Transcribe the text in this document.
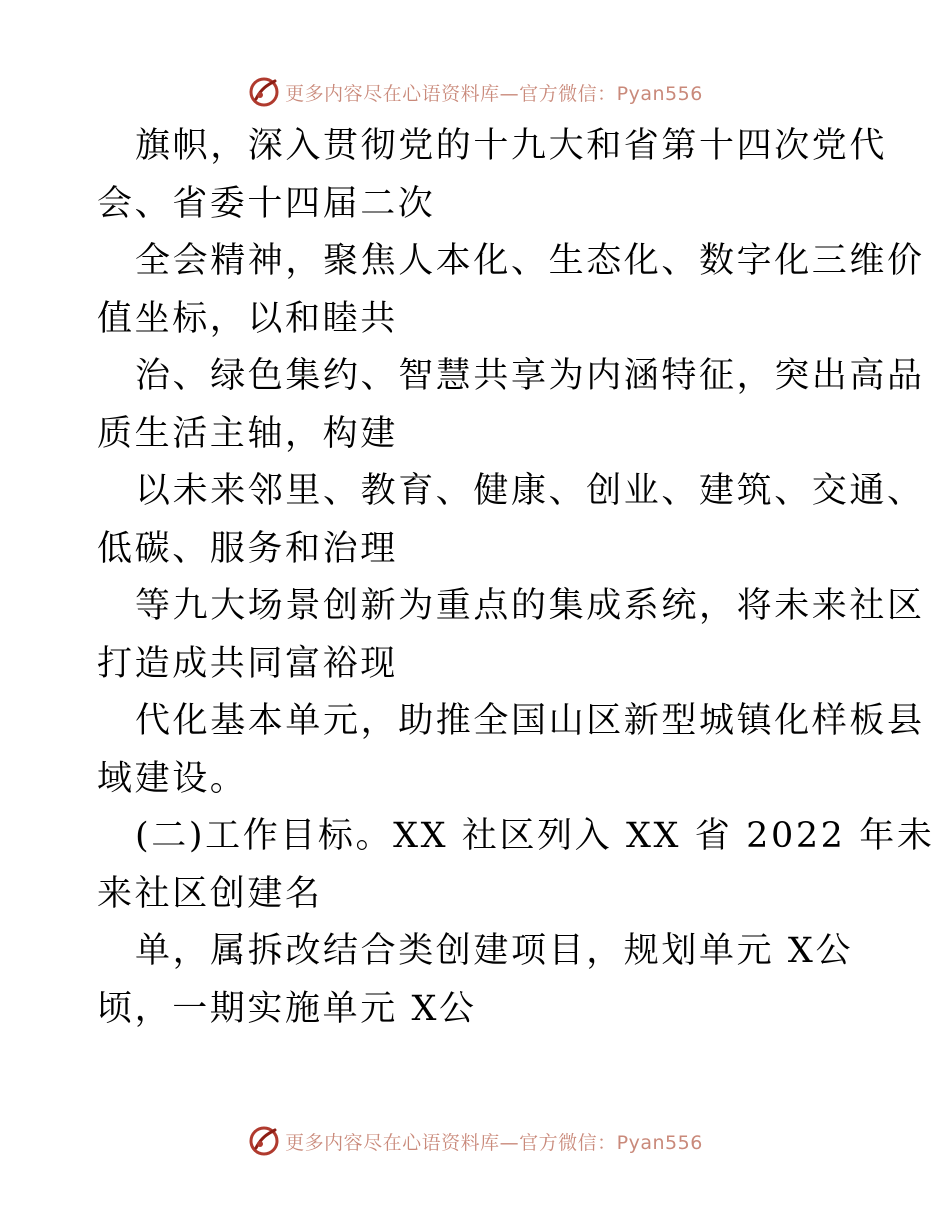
更多内容尽在心语资料库—官方微信：Pyan556
旗帜，深入贯彻党的十九大和省第十四次党代
会、省委十四届二次
全会精神，聚焦人本化、生态化、数字化三维价
值坐标，以和睦共
治、绿色集约、智慧共享为内涵特征，突出高品
质生活主轴，构建
以未来邻里、教育、健康、创业、建筑、交通、
低碳、服务和治理
等九大场景创新为重点的集成系统，将未来社区
打造成共同富裕现
代化基本单元，助推全国山区新型城镇化样板县
域建设。
(二)工作目标。XX 社区列入 XX 省 2022 年未
来社区创建名
单，属拆改结合类创建项目，规划单元 X公
顷，一期实施单元 X公
更多内容尽在心语资料库—官方微信：Pyan556
